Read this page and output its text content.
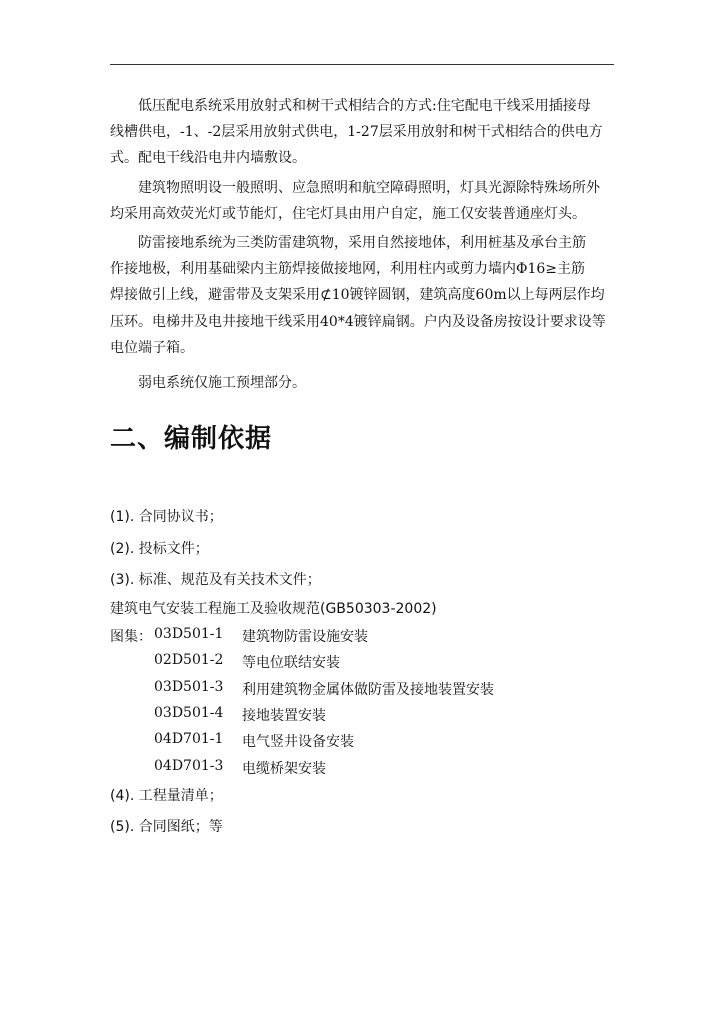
低压配电系统采用放射式和树干式相结合的方式:住宅配电干线采用插接母
线槽供电，-1、-2层采用放射式供电，1-27层采用放射和树干式相结合的供电方
式。配电干线沿电井内墙敷设。
建筑物照明设一般照明、应急照明和航空障碍照明，灯具光源除特殊场所外
均采用高效荧光灯或节能灯，住宅灯具由用户自定，施工仅安装普通座灯头。
防雷接地系统为三类防雷建筑物，采用自然接地体，利用桩基及承台主筋
作接地极，利用基础梁内主筋焊接做接地网，利用柱内或剪力墙内Φ16≥主筋
焊接做引上线，避雷带及支架采用⊄10镀锌圆钢，建筑高度60m以上每两层作均
压环。电梯井及电井接地干线采用40*4镀锌扁钢。户内及设备房按设计要求设等
电位端子箱。
弱电系统仅施工预埋部分。
二、编制依据
(1). 合同协议书；
(2). 投标文件；
(3). 标准、规范及有关技术文件；
建筑电气安装工程施工及验收规范(GB50303-2002)
图集： 03D501-1 建筑物防雷设施安装
02D501-2 等电位联结安装
03D501-3 利用建筑物金属体做防雷及接地装置安装
03D501-4 接地装置安装
04D701-1 电气竖井设备安装
04D701-3 电缆桥架安装
(4). 工程量清单；
(5). 合同图纸；等
